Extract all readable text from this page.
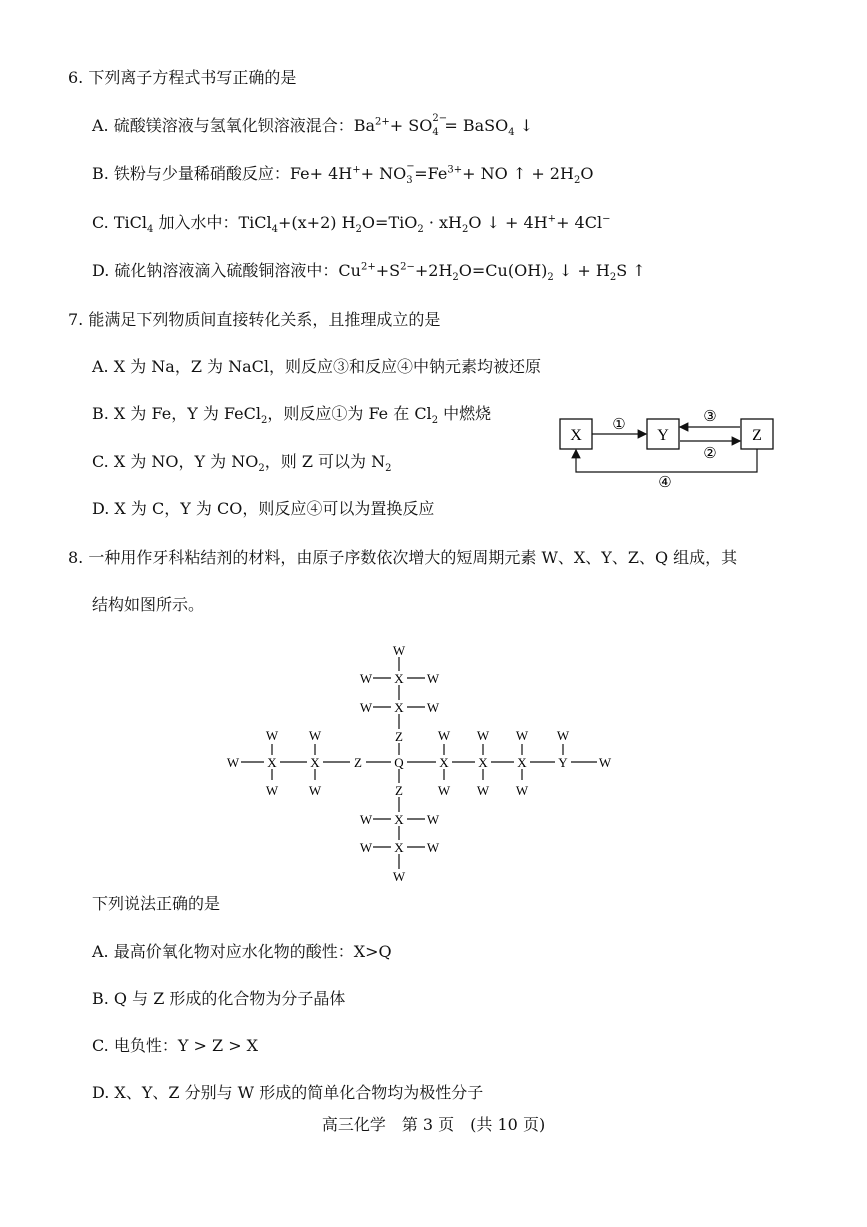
6. 下列离子方程式书写正确的是
A. 硫酸镁溶液与氢氧化钡溶液混合：$Ba^{2+}+$ SO 2−
4 = BaSO$_4$ ↓
B. 铁粉与少量稀硝酸反应：Fe+ 4H++ NO −
$3 =Fe^{3+}+$ NO ↑ + $2H_2O$
C. TiCl$_4$ 加入水中：TiCl$_4$+(x+2) $H_2O=TiO_2 \cdot xH_2O$ ↓ + 4H++ 4Cl−
D. 硫化钠溶液滴入硫酸铜溶液中：$Cu^{2+}+S^{2-}+2H_2O=Cu(OH)_2$ ↓ + $H_2S$ ↑
7. 能满足下列物质间直接转化关系，且推理成立的是
A. X 为 Na，Z 为 NaCl，则反应③和反应④中钠元素均被还原
B. X 为 Fe，Y 为 FeCl$_2$，则反应①为 Fe 在 $Cl_2$ 中燃烧
C. X 为 NO，Y 为 $NO_2$，则 Z 可以为 $N_2$
D. X 为 C，Y 为 CO，则反应④可以为置换反应
X	Y	Z
①	③
②
④
8. 一种用作牙科粘结剂的材料，由原子序数依次增大的短周期元素 W、X、Y、Z、Q 组成，其
结构如图所示。
W
X
X
Z
Q
Z
X
X
W
W	W
W	W
W	W
W	W
W X	X	Z	X X X Y W
W
W
W
W
W
W
W
W
W
W
W
下列说法正确的是
A. 最高价氧化物对应水化物的酸性：X>Q
B. Q 与 Z 形成的化合物为分子晶体
C. 电负性：Y > Z > X
D. X、Y、Z 分别与 W 形成的简单化合物均为极性分子
高三化学　第 3 页　(共 10 页)
